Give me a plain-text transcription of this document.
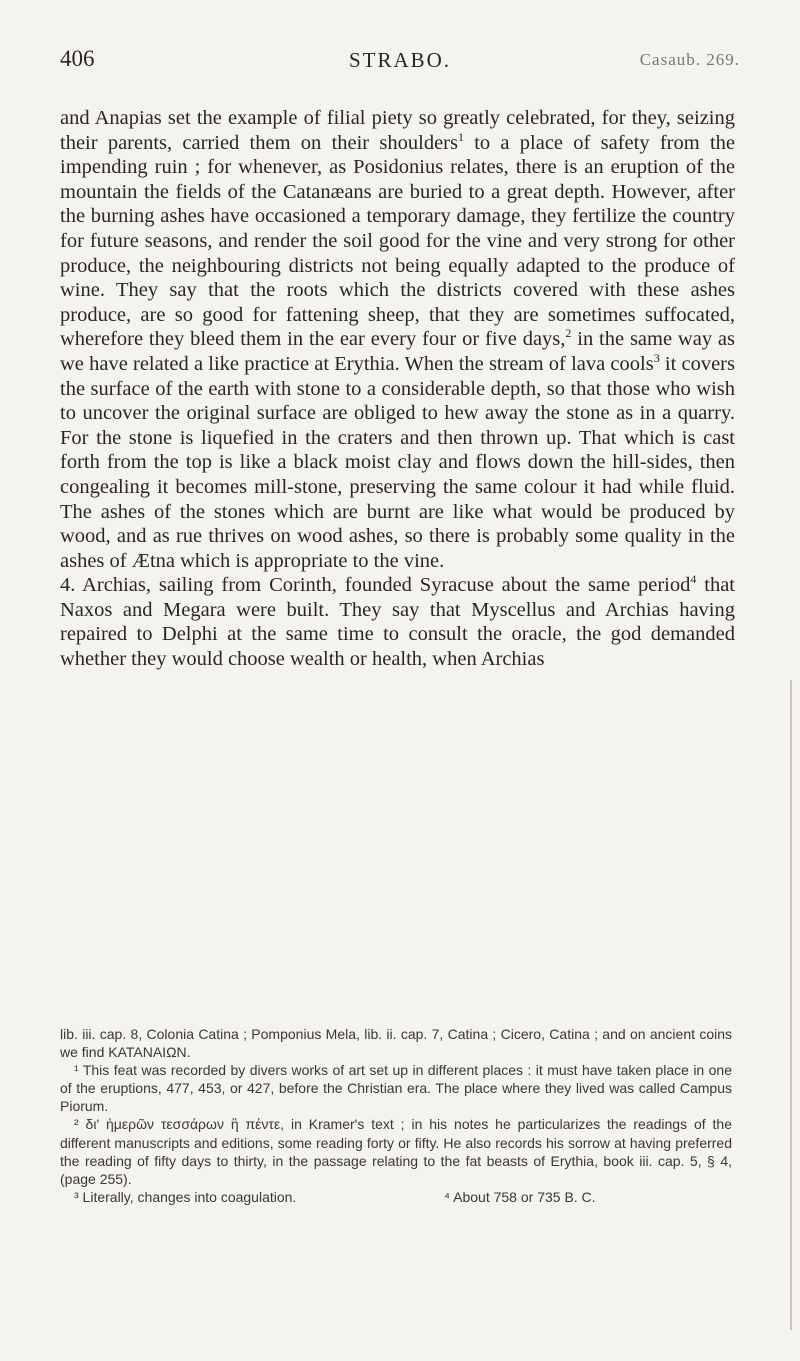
406	STRABO.	Casaub. 269.

and Anapias set the example of filial piety so greatly celebrated, for they, seizing their parents, carried them on their shoulders$^1$ to a place of safety from the impending ruin ; for whenever, as Posidonius relates, there is an eruption of the mountain the fields of the Catanæans are buried to a great depth. However, after the burning ashes have occasioned a temporary damage, they fertilize the country for future seasons, and render the soil good for the vine and very strong for other produce, the neighbouring districts not being equally adapted to the produce of wine. They say that the roots which the districts covered with these ashes produce, are so good for fattening sheep, that they are sometimes suffocated, wherefore they bleed them in the ear every four or five days,$^2$ in the same way as we have related a like practice at Erythia. When the stream of lava cools$^3$ it covers the surface of the earth with stone to a considerable depth, so that those who wish to uncover the original surface are obliged to hew away the stone as in a quarry. For the stone is liquefied in the craters and then thrown up. That which is cast forth from the top is like a black moist clay and flows down the hill-sides, then congealing it becomes mill-stone, preserving the same colour it had while fluid. The ashes of the stones which are burnt are like what would be produced by wood, and as rue thrives on wood ashes, so there is probably some quality in the ashes of Ætna which is appropriate to the vine.

4. Archias, sailing from Corinth, founded Syracuse about the same period$^4$ that Naxos and Megara were built. They say that Myscellus and Archias having repaired to Delphi at the same time to consult the oracle, the god demanded whether they would choose wealth or health, when Archias

lib. iii. cap. 8, Colonia Catina ; Pomponius Mela, lib. ii. cap. 7, Catina ; Cicero, Catina ; and on ancient coins we find ΚΑΤΑΝΑΙΩΝ.

¹ This feat was recorded by divers works of art set up in different places : it must have taken place in one of the eruptions, 477, 453, or 427, before the Christian era. The place where they lived was called Campus Piorum.

² δι' ἡμερῶν τεσσάρων ἢ πέντε, in Kramer's text ; in his notes he particularizes the readings of the different manuscripts and editions, some reading forty or fifty. He also records his sorrow at having preferred the reading of fifty days to thirty, in the passage relating to the fat beasts of Erythia, book iii. cap. 5, § 4, (page 255).

³ Literally, changes into coagulation.	⁴ About 758 or 735 B. C.
